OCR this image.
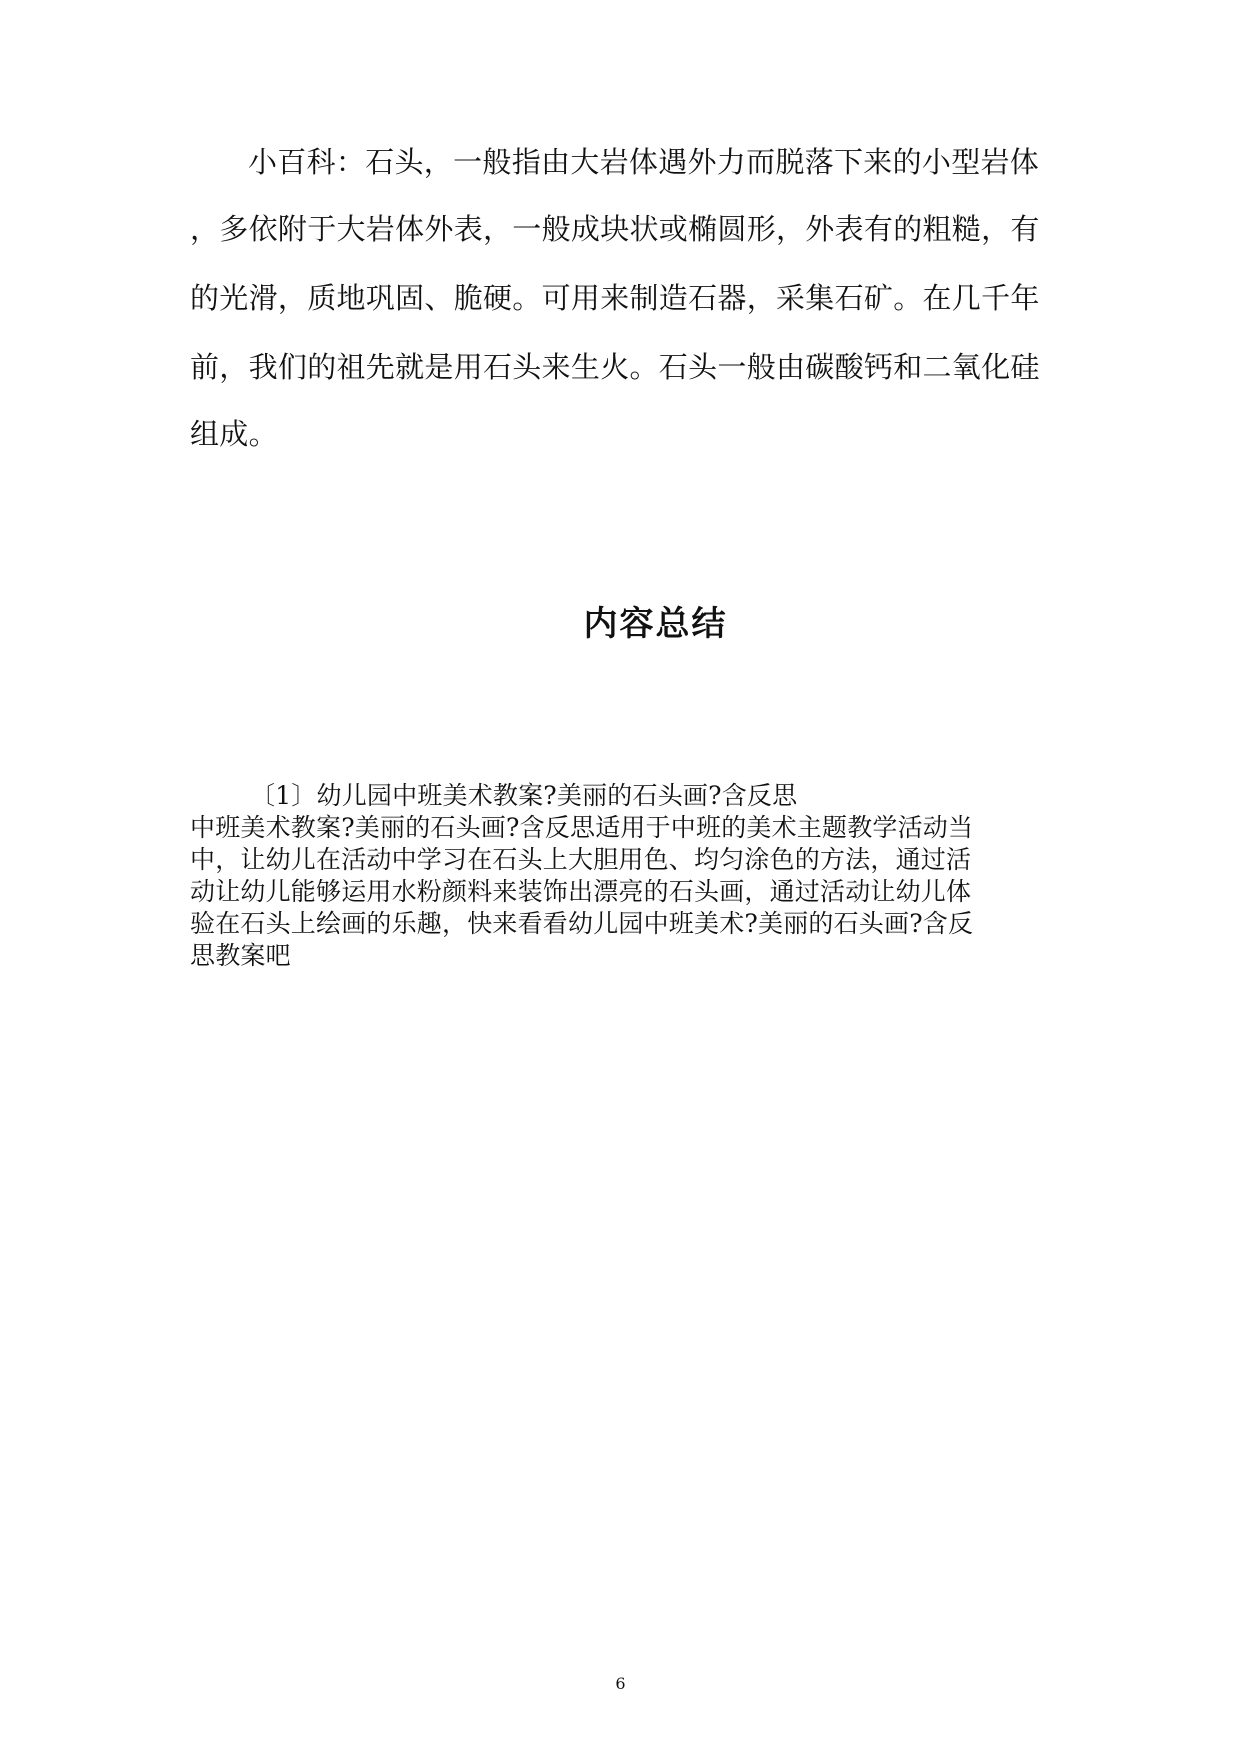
小百科：石头，一般指由大岩体遇外力而脱落下来的小型岩体
，多依附于大岩体外表，一般成块状或椭圆形，外表有的粗糙，有
的光滑，质地巩固、脆硬。可用来制造石器，采集石矿。在几千年
前，我们的祖先就是用石头来生火。石头一般由碳酸钙和二氧化硅
组成。
内容总结
〔1〕幼儿园中班美术教案?美丽的石头画?含反思
中班美术教案?美丽的石头画?含反思适用于中班的美术主题教学活动当
中，让幼儿在活动中学习在石头上大胆用色、均匀涂色的方法，通过活
动让幼儿能够运用水粉颜料来装饰出漂亮的石头画，通过活动让幼儿体
验在石头上绘画的乐趣，快来看看幼儿园中班美术?美丽的石头画?含反
思教案吧
6
